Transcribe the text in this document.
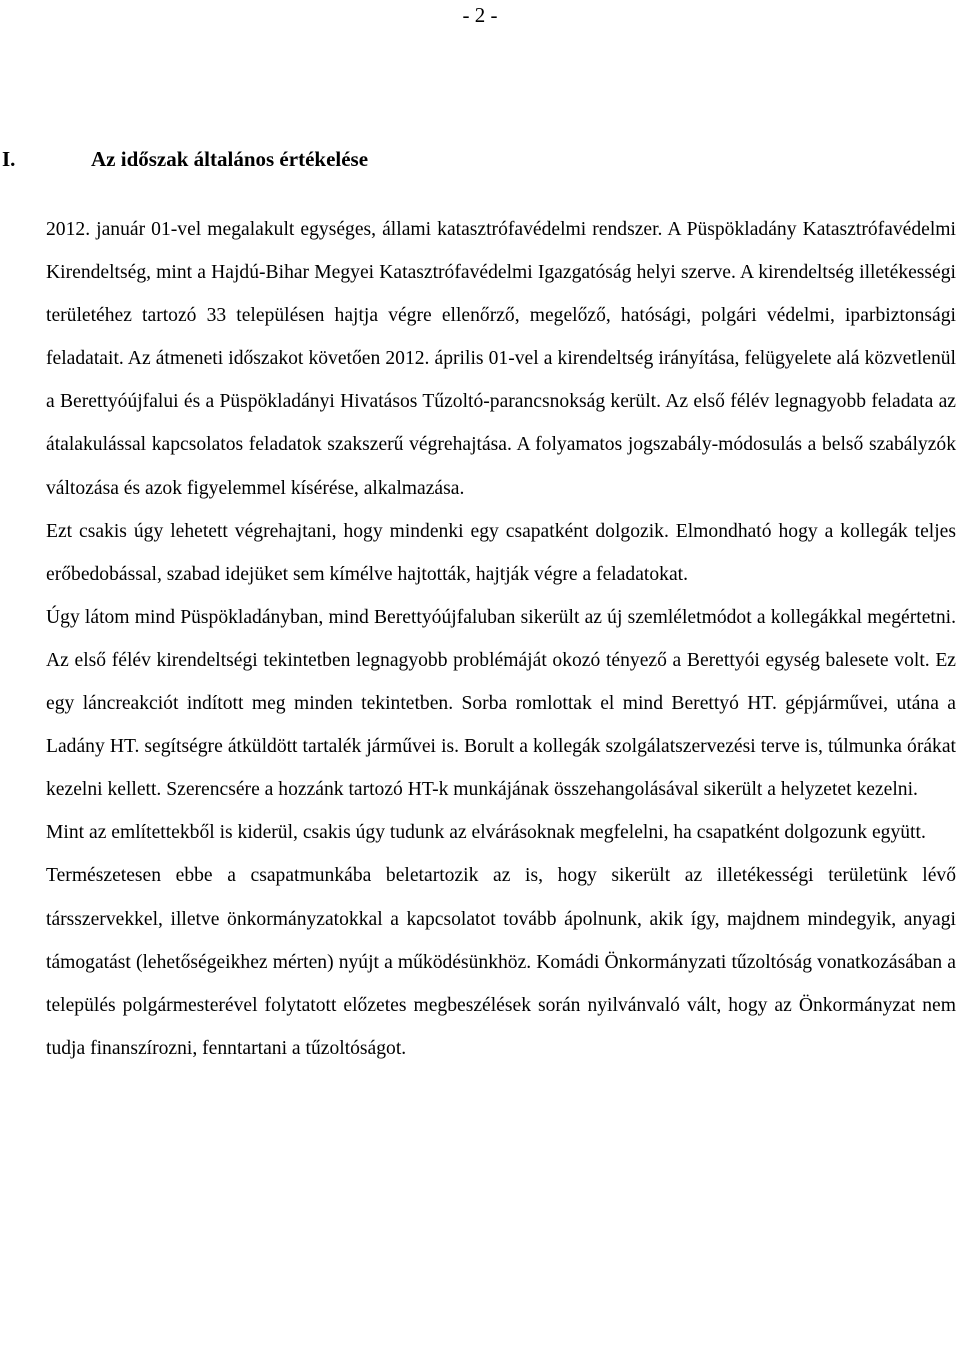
- 2 -
I.	Az időszak általános értékelése

2012. január 01-vel megalakult egységes, állami katasztrófavédelmi rendszer. A Püspökladány Katasztrófavédelmi Kirendeltség, mint a Hajdú-Bihar Megyei Katasztrófavédelmi Igazgatóság helyi szerve. A kirendeltség illetékességi területéhez tartozó 33 településen hajtja végre ellenőrző, megelőző, hatósági, polgári védelmi, iparbiztonsági feladatait. Az átmeneti időszakot követően 2012. április 01-vel a kirendeltség irányítása, felügyelete alá közvetlenül a Berettyóújfalui és a Püspökladányi Hivatásos Tűzoltó-parancsnokság került. Az első félév legnagyobb feladata az átalakulással kapcsolatos feladatok szakszerű végrehajtása. A folyamatos jogszabály-módosulás a belső szabályzók változása és azok figyelemmel kísérése, alkalmazása.

Ezt csakis úgy lehetett végrehajtani, hogy mindenki egy csapatként dolgozik. Elmondható hogy a kollegák teljes erőbedobással, szabad idejüket sem kímélve hajtották, hajtják végre a feladatokat.

Úgy látom mind Püspökladányban, mind Berettyóújfaluban sikerült az új szemléletmódot a kollegákkal megértetni. Az első félév kirendeltségi tekintetben legnagyobb problémáját okozó tényező a Berettyói egység balesete volt. Ez egy láncreakciót indított meg minden tekintetben. Sorba romlottak el mind Berettyó HT. gépjárművei, utána a Ladány HT. segítségre átküldött tartalék járművei is. Borult a kollegák szolgálatszervezési terve is, túlmunka órákat kezelni kellett. Szerencsére a hozzánk tartozó HT-k munkájának összehangolásával sikerült a helyzetet kezelni.

Mint az említettekből is kiderül, csakis úgy tudunk az elvárásoknak megfelelni, ha csapatként dolgozunk együtt.

Természetesen ebbe a csapatmunkába beletartozik az is, hogy sikerült az illetékességi területünk lévő társszervekkel, illetve önkormányzatokkal a kapcsolatot tovább ápolnunk, akik így, majdnem mindegyik, anyagi támogatást (lehetőségeikhez mérten) nyújt a működésünkhöz. Komádi Önkormányzati tűzoltóság vonatkozásában a település polgármesterével folytatott előzetes megbeszélések során nyilvánvaló vált, hogy az Önkormányzat nem tudja finanszírozni, fenntartani a tűzoltóságot.
